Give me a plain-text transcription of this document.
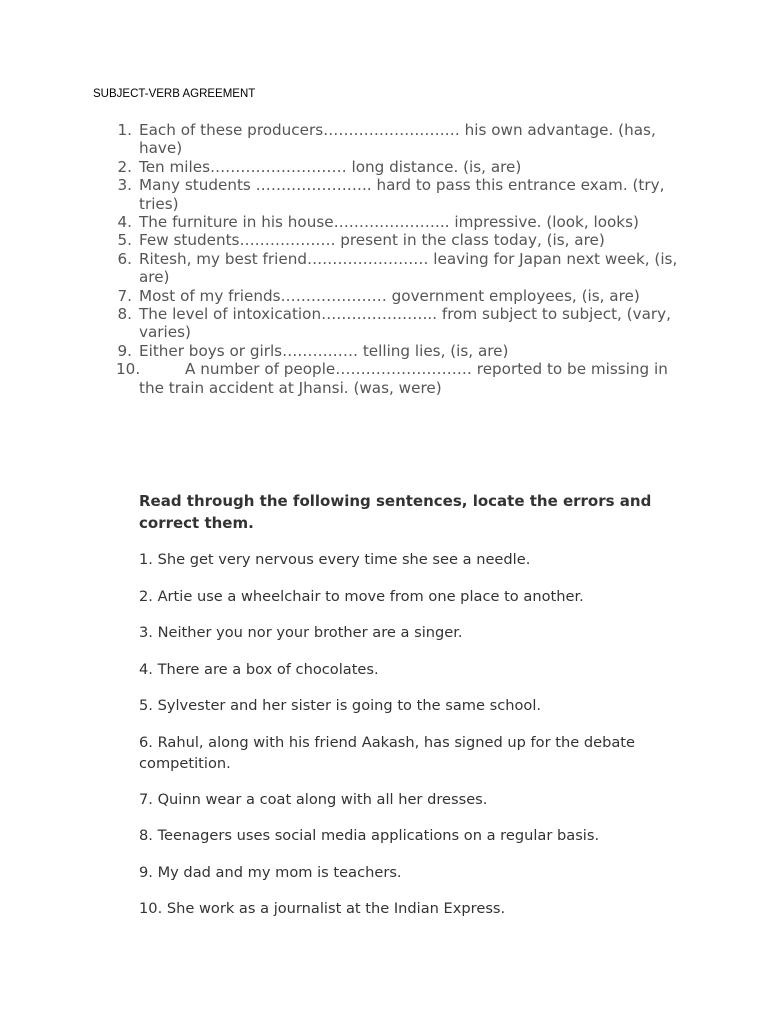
SUBJECT-VERB AGREEMENT
1. Each of these producers……………………… his own advantage. (has, have)
2. Ten miles……………………… long distance. (is, are)
3. Many students ………………….. hard to pass this entrance exam. (try, tries)
4. The furniture in his house………………….. impressive. (look, looks)
5. Few students………………. present in the class today, (is, are)
6. Ritesh, my best friend…………………… leaving for Japan next week, (is, are)
7. Most of my friends………………… government employees, (is, are)
8. The level of intoxication………………….. from subject to subject, (vary, varies)
9. Either boys or girls…………… telling lies, (is, are)
10.	A number of people……………………… reported to be missing in the train accident at Jhansi. (was, were)

Read through the following sentences, locate the errors and correct them.

1. She get very nervous every time she see a needle.
2. Artie use a wheelchair to move from one place to another.
3. Neither you nor your brother are a singer.
4. There are a box of chocolates.
5. Sylvester and her sister is going to the same school.
6. Rahul, along with his friend Aakash, has signed up for the debate competition.
7. Quinn wear a coat along with all her dresses.
8. Teenagers uses social media applications on a regular basis.
9. My dad and my mom is teachers.
10. She work as a journalist at the Indian Express.
